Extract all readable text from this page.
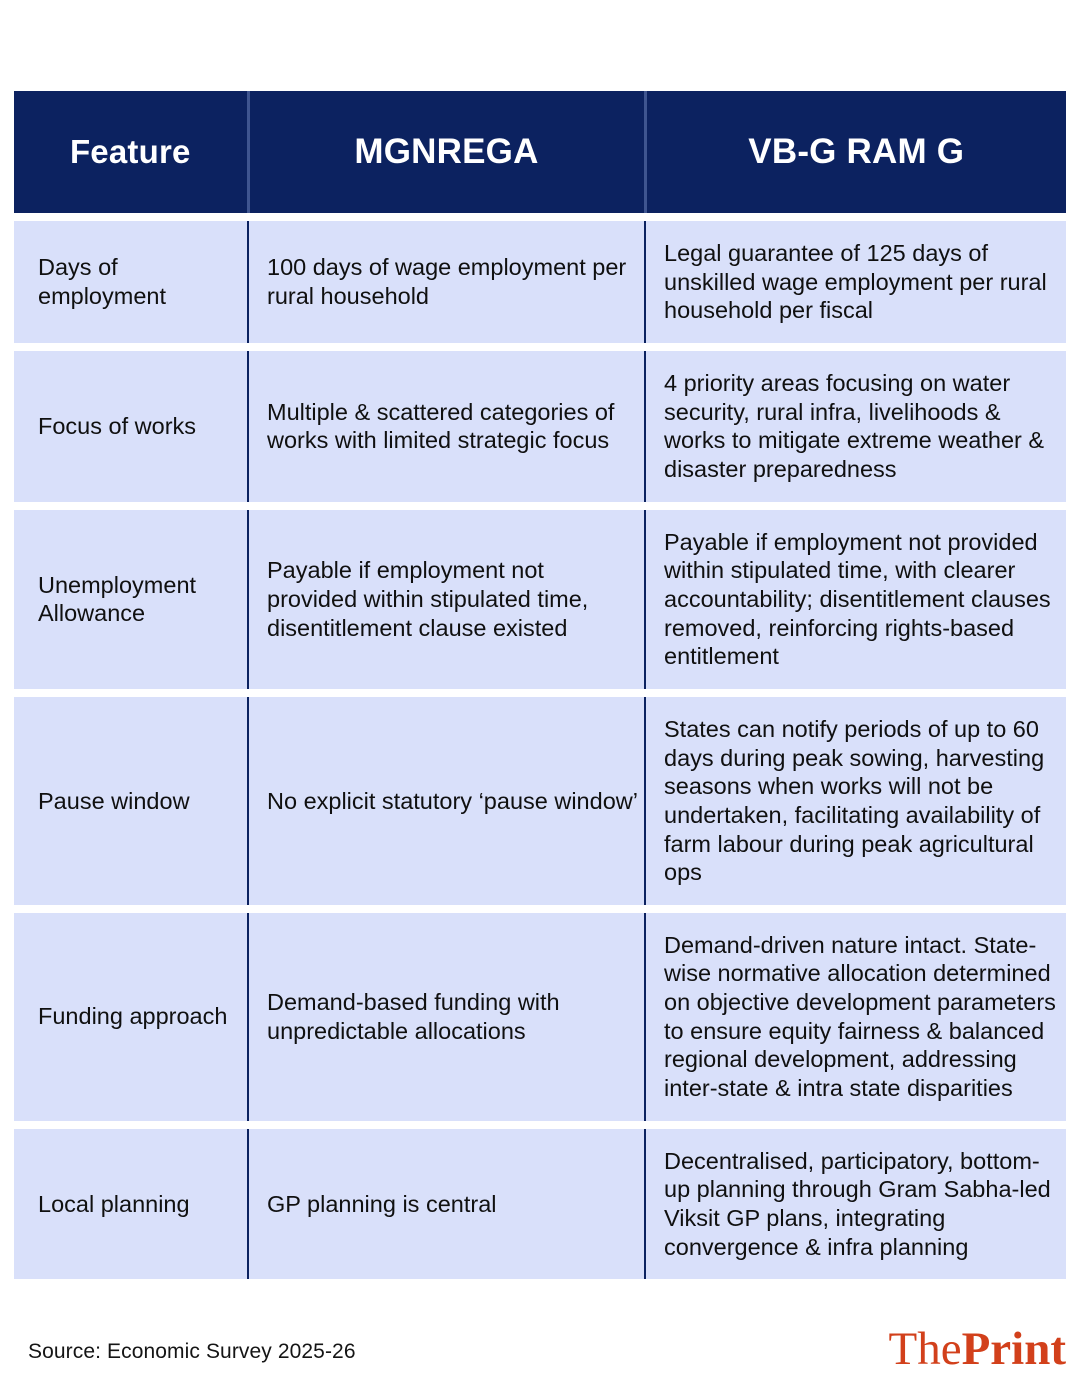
Feature	MGNREGA	VB-G RAM G

Days of employment	100 days of wage employment per rural household	Legal guarantee of 125 days of unskilled wage employment per rural household per fiscal

Focus of works	Multiple & scattered categories of works with limited strategic focus	4 priority areas focusing on water security, rural infra, livelihoods & works to mitigate extreme weather & disaster preparedness

Unemployment Allowance	Payable if employment not provided within stipulated time, disentitlement clause existed	Payable if employment not provided within stipulated time, with clearer accountability; disentitlement clauses removed, reinforcing rights-based entitlement

Pause window	No explicit statutory ‘pause window’	States can notify periods of up to 60 days during peak sowing, harvesting seasons when works will not be undertaken, facilitating availability of farm labour during peak agricultural ops

Funding approach	Demand-based funding with unpredictable allocations	Demand-driven nature intact. State-wise normative allocation determined on objective development parameters to ensure equity fairness & balanced regional development, addressing inter-state & intra state disparities

Local planning	GP planning is central	Decentralised, participatory, bottom-up planning through Gram Sabha-led Viksit GP plans, integrating convergence & infra planning
Source: Economic Survey 2025-26	ThePrint
